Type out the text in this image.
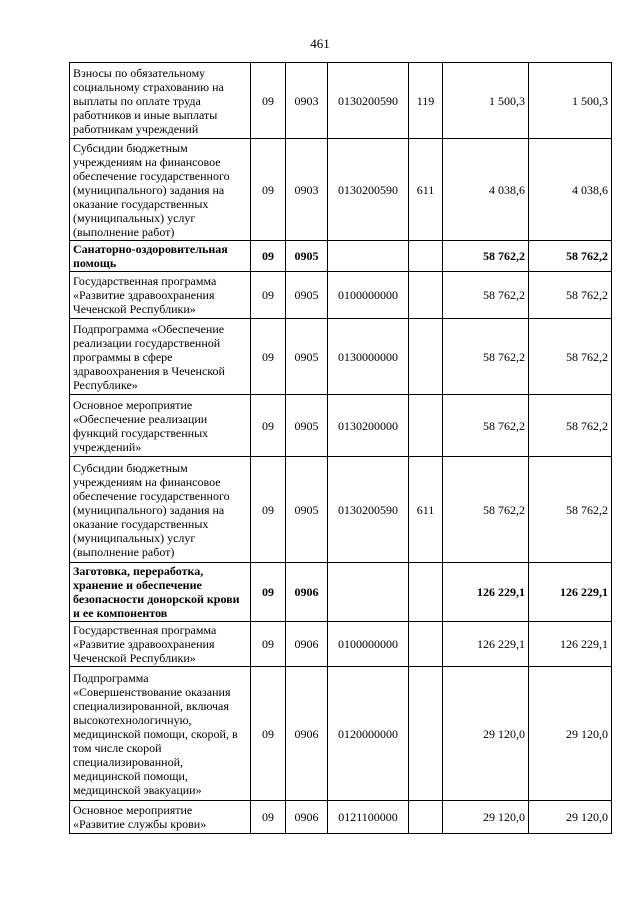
461
Взносы по обязательному социальному страхованию на выплаты по оплате труда работников и иные выплаты работникам учреждений	09	0903	0130200590	119	1 500,3	1 500,3
Субсидии бюджетным учреждениям на финансовое обеспечение государственного (муниципального) задания на оказание государственных (муниципальных) услуг (выполнение работ)	09	0903	0130200590	611	4 038,6	4 038,6
Санаторно-оздоровительная помощь	09	0905			58 762,2	58 762,2
Государственная программа «Развитие здравоохранения Чеченской Республики»	09	0905	0100000000		58 762,2	58 762,2
Подпрограмма «Обеспечение реализации государственной программы в сфере здравоохранения в Чеченской Республике»	09	0905	0130000000		58 762,2	58 762,2
Основное мероприятие «Обеспечение реализации функций государственных учреждений»	09	0905	0130200000		58 762,2	58 762,2
Субсидии бюджетным учреждениям на финансовое обеспечение государственного (муниципального) задания на оказание государственных (муниципальных) услуг (выполнение работ)	09	0905	0130200590	611	58 762,2	58 762,2
Заготовка, переработка, хранение и обеспечение безопасности донорской крови и ее компонентов	09	0906			126 229,1	126 229,1
Государственная программа «Развитие здравоохранения Чеченской Республики»	09	0906	0100000000		126 229,1	126 229,1
Подпрограмма «Совершенствование оказания специализированной, включая высокотехнологичную, медицинской помощи, скорой, в том числе скорой специализированной, медицинской помощи, медицинской эвакуации»	09	0906	0120000000		29 120,0	29 120,0
Основное мероприятие «Развитие службы крови»	09	0906	0121100000		29 120,0	29 120,0
